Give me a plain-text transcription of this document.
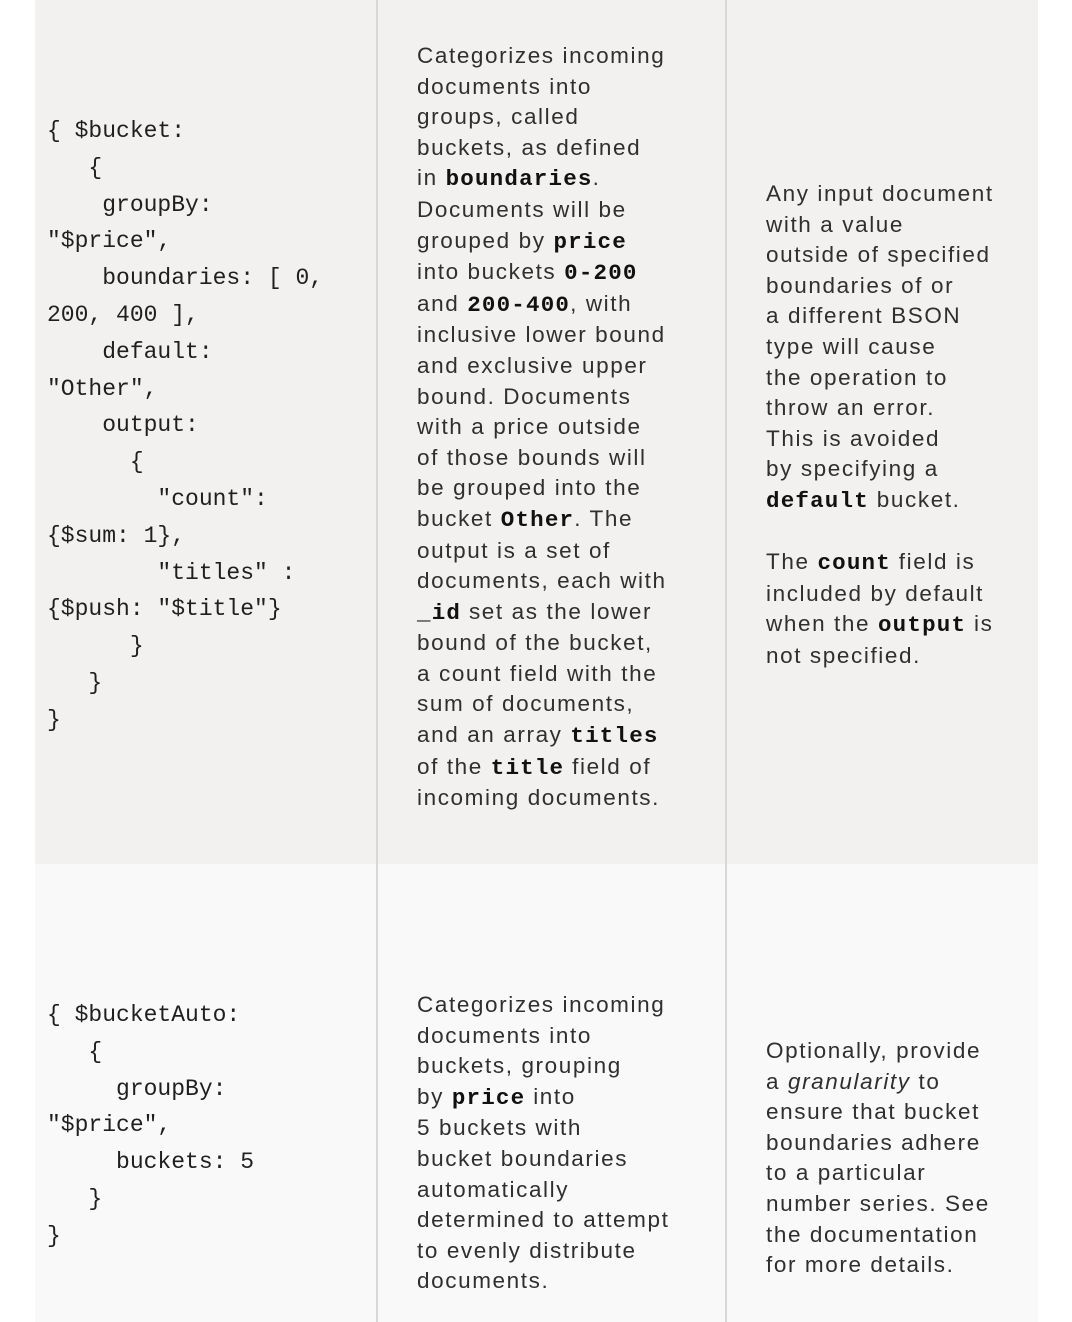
{ $bucket:
{
groupBy:
"$price",
boundaries: [ 0,
200, 400 ],
default:
"Other",
output:
{
"count":
{$sum: 1},
"titles" :
{$push: "$title"}
}
}
}
Categorizes incoming
documents into
groups, called
buckets, as defined
in boundaries.
Documents will be
grouped by price
into buckets 0-200
and 200-400, with
inclusive lower bound
and exclusive upper
bound. Documents
with a price outside
of those bounds will
be grouped into the
bucket Other. The
output is a set of
documents, each with
_id set as the lower
bound of the bucket,
a count field with the
sum of documents,
and an array titles
of the title field of
incoming documents.
Any input document
with a value
outside of specified
boundaries of or
a different BSON
type will cause
the operation to
throw an error.
This is avoided
by specifying a
default bucket.

The count field is
included by default
when the output is
not specified.
{ $bucketAuto:
{
groupBy:
"$price",
buckets: 5
}
}
Categorizes incoming
documents into
buckets, grouping
by price into
5 buckets with
bucket boundaries
automatically
determined to attempt
to evenly distribute
documents.
Optionally, provide
a granularity to
ensure that bucket
boundaries adhere
to a particular
number series. See
the documentation
for more details.
